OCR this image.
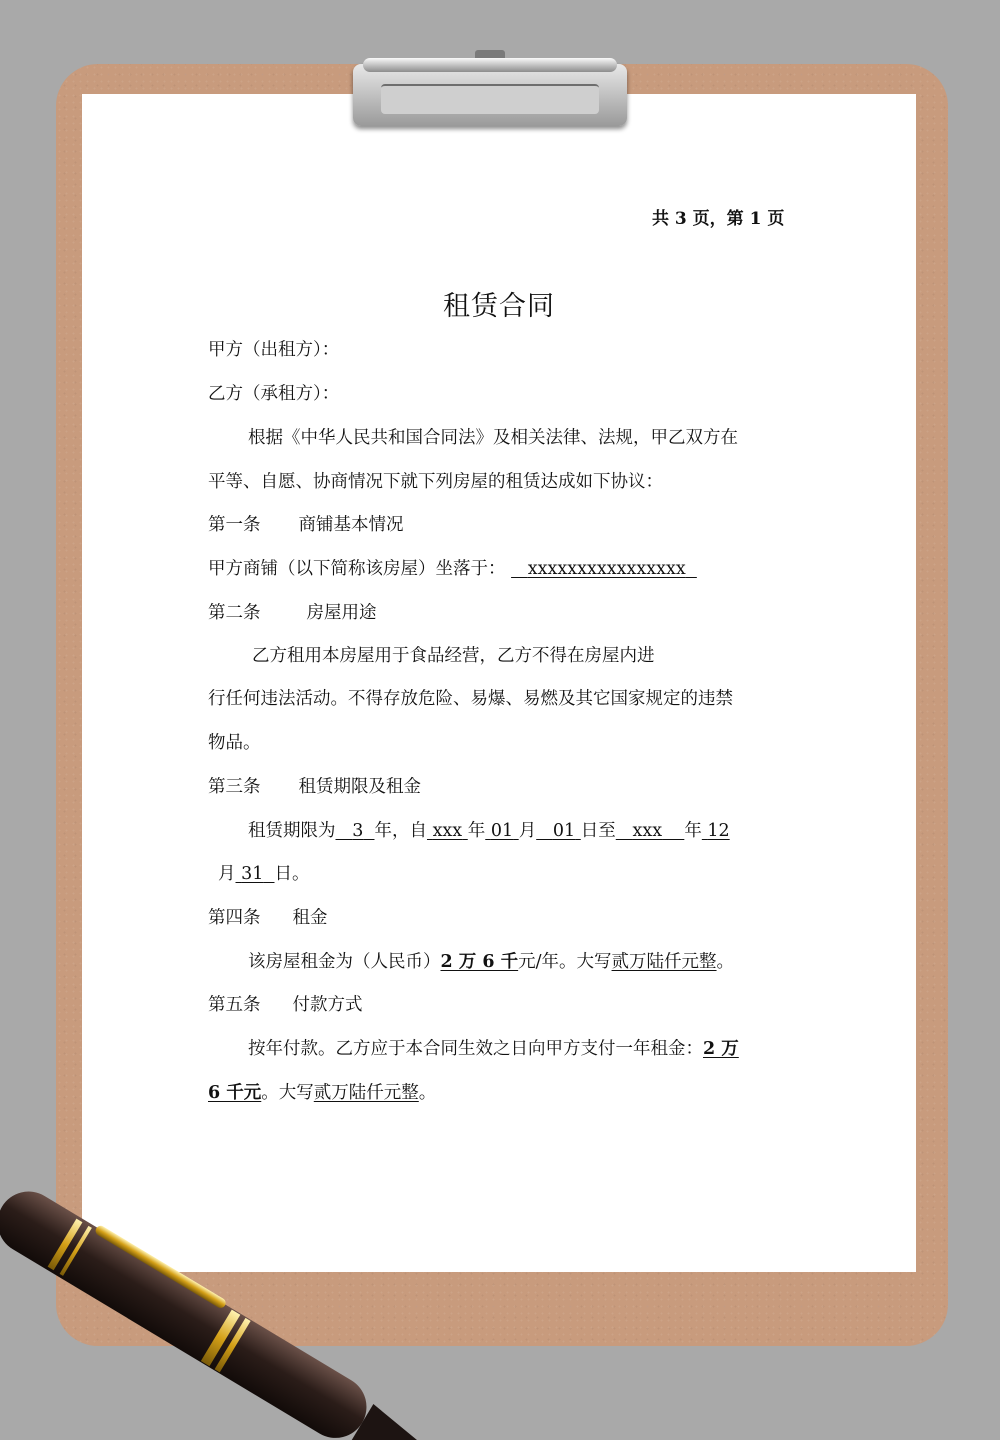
共 3 页，第 1 页
租赁合同
甲方（出租方）：
乙方（承租方）：
根据《中华人民共和国合同法》及相关法律、法规，甲乙双方在
平等、自愿、协商情况下就下列房屋的租赁达成如下协议：
第一条 商铺基本情况
甲方商铺（以下简称该房屋）坐落于： xxxxxxxxxxxxxxxx
第二条	房屋用途
乙方租用本房屋用于食品经营，乙方不得在房屋内进
行任何违法活动。不得存放危险、易爆、易燃及其它国家规定的违禁
物品。
第三条 租赁期限及租金
租赁期限为 3 年，自 xxx 年 01 月 01 日至 xxx 年 12
月 31 日。
第四条 租金
该房屋租金为（人民币）2 万 6 千元/年。大写贰万陆仟元整。
第五条 付款方式
按年付款。乙方应于本合同生效之日向甲方支付一年租金：2 万
6 千元。大写贰万陆仟元整。
